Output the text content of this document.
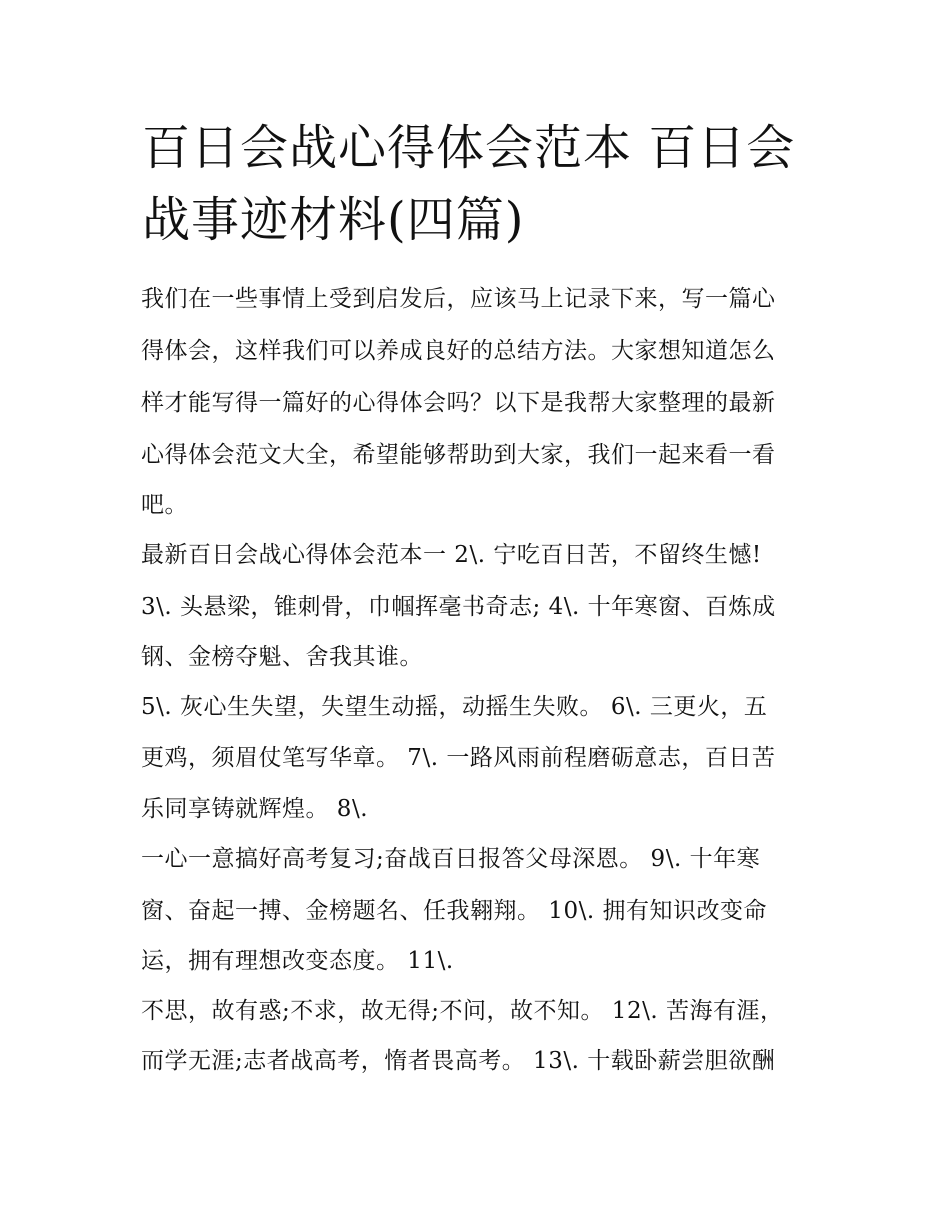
百日会战心得体会范本 百日会战事迹材料(四篇)
我们在一些事情上受到启发后，应该马上记录下来，写一篇心
得体会，这样我们可以养成良好的总结方法。大家想知道怎么
样才能写得一篇好的心得体会吗？以下是我帮大家整理的最新
心得体会范文大全，希望能够帮助到大家，我们一起来看一看
吧。
最新百日会战心得体会范本一 2\. 宁吃百日苦，不留终生憾!
3\. 头悬梁，锥刺骨，巾帼挥毫书奇志; 4\. 十年寒窗、百炼成
钢、金榜夺魁、舍我其谁。
5\. 灰心生失望，失望生动摇，动摇生失败。 6\. 三更火，五
更鸡，须眉仗笔写华章。 7\. 一路风雨前程磨砺意志，百日苦
乐同享铸就辉煌。 8\.
一心一意搞好高考复习;奋战百日报答父母深恩。 9\. 十年寒
窗、奋起一搏、金榜题名、任我翱翔。 10\. 拥有知识改变命
运，拥有理想改变态度。 11\.
不思，故有惑;不求，故无得;不问，故不知。 12\. 苦海有涯，
而学无涯;志者战高考，惰者畏高考。 13\. 十载卧薪尝胆欲酬
